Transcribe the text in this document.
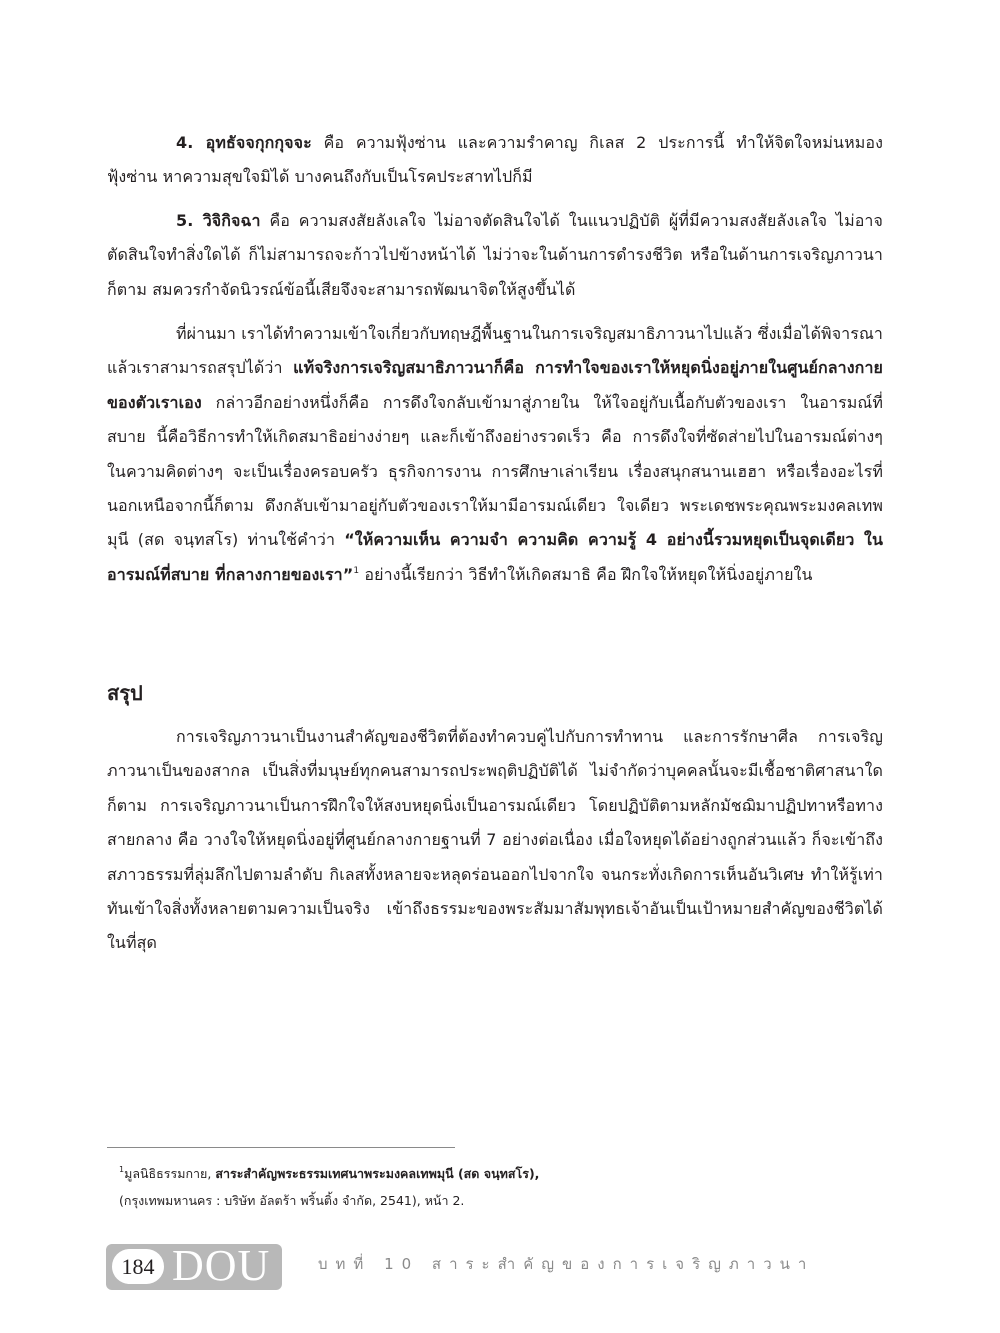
4. อุทธัจจกุกกุจจะ คือ ความฟุ้งซ่าน และความรำคาญ กิเลส 2 ประการนี้ ทำให้จิตใจหม่นหมอง ฟุ้งซ่าน หาความสุขใจมิได้ บางคนถึงกับเป็นโรคประสาทไปก็มี

5. วิจิกิจฉา คือ ความสงสัยลังเลใจ ไม่อาจตัดสินใจได้ ในแนวปฏิบัติ ผู้ที่มีความสงสัยลังเลใจ ไม่อาจตัดสินใจทำสิ่งใดได้ ก็ไม่สามารถจะก้าวไปข้างหน้าได้ ไม่ว่าจะในด้านการดำรงชีวิต หรือในด้านการเจริญภาวนาก็ตาม สมควรกำจัดนิวรณ์ข้อนี้เสียจึงจะสามารถพัฒนาจิตให้สูงขึ้นได้

ที่ผ่านมา เราได้ทำความเข้าใจเกี่ยวกับทฤษฎีพื้นฐานในการเจริญสมาธิภาวนาไปแล้ว ซึ่งเมื่อได้พิจารณาแล้วเราสามารถสรุปได้ว่า แท้จริงการเจริญสมาธิภาวนาก็คือ การทำใจของเราให้หยุดนิ่งอยู่ภายในศูนย์กลางกายของตัวเราเอง กล่าวอีกอย่างหนึ่งก็คือ การดึงใจกลับเข้ามาสู่ภายใน ให้ใจอยู่กับเนื้อกับตัวของเรา ในอารมณ์ที่สบาย นี้คือวิธีการทำให้เกิดสมาธิอย่างง่ายๆ และก็เข้าถึงอย่างรวดเร็ว คือ การดึงใจที่ซัดส่ายไปในอารมณ์ต่างๆ ในความคิดต่างๆ จะเป็นเรื่องครอบครัว ธุรกิจการงาน การศึกษาเล่าเรียน เรื่องสนุกสนานเฮฮา หรือเรื่องอะไรที่นอกเหนือจากนี้ก็ตาม ดึงกลับเข้ามาอยู่กับตัวของเราให้มามีอารมณ์เดียว ใจเดียว พระเดชพระคุณพระมงคลเทพมุนี (สด จนฺทสโร) ท่านใช้คำว่า “ให้ความเห็น ความจำ ความคิด ความรู้ 4 อย่างนี้รวมหยุดเป็นจุดเดียว ในอารมณ์ที่สบาย ที่กลางกายของเรา”$^1$ อย่างนี้เรียกว่า วิธีทำให้เกิดสมาธิ คือ ฝึกใจให้หยุดให้นิ่งอยู่ภายใน

สรุป

การเจริญภาวนาเป็นงานสำคัญของชีวิตที่ต้องทำควบคู่ไปกับการทำทาน และการรักษาศีล การเจริญภาวนาเป็นของสากล เป็นสิ่งที่มนุษย์ทุกคนสามารถประพฤติปฏิบัติได้ ไม่จำกัดว่าบุคคลนั้นจะมีเชื้อชาติศาสนาใดก็ตาม การเจริญภาวนาเป็นการฝึกใจให้สงบหยุดนิ่งเป็นอารมณ์เดียว โดยปฏิบัติตามหลักมัชฌิมาปฏิปทาหรือทางสายกลาง คือ วางใจให้หยุดนิ่งอยู่ที่ศูนย์กลางกายฐานที่ 7 อย่างต่อเนื่อง เมื่อใจหยุดได้อย่างถูกส่วนแล้ว ก็จะเข้าถึงสภาวธรรมที่ลุ่มลึกไปตามลำดับ กิเลสทั้งหลายจะหลุดร่อนออกไปจากใจ จนกระทั่งเกิดการเห็นอันวิเศษ ทำให้รู้เท่าทันเข้าใจสิ่งทั้งหลายตามความเป็นจริง เข้าถึงธรรมะของพระสัมมาสัมพุทธเจ้าอันเป็นเป้าหมายสำคัญของชีวิตได้ในที่สุด

$^1$มูลนิธิธรรมกาย, สาระสำคัญพระธรรมเทศนาพระมงคลเทพมุนี (สด จนฺทสโร),

(กรุงเทพมหานคร : บริษัท อัลตร้า พริ้นติ้ง จำกัด, 2541), หน้า 2.

184 DOU	บทที่ 10 สาระสำคัญของการเจริญภาวนา
